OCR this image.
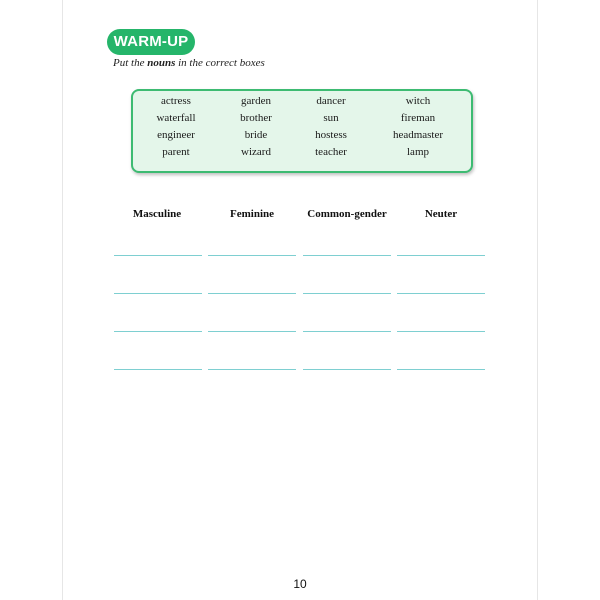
WARM-UP
Put the nouns in the correct boxes
actress	garden	dancer	witch
waterfall	brother	sun	fireman
engineer	bride	hostess	headmaster
parent	wizard	teacher	lamp
Masculine	Feminine	Common-gender	Neuter
10
